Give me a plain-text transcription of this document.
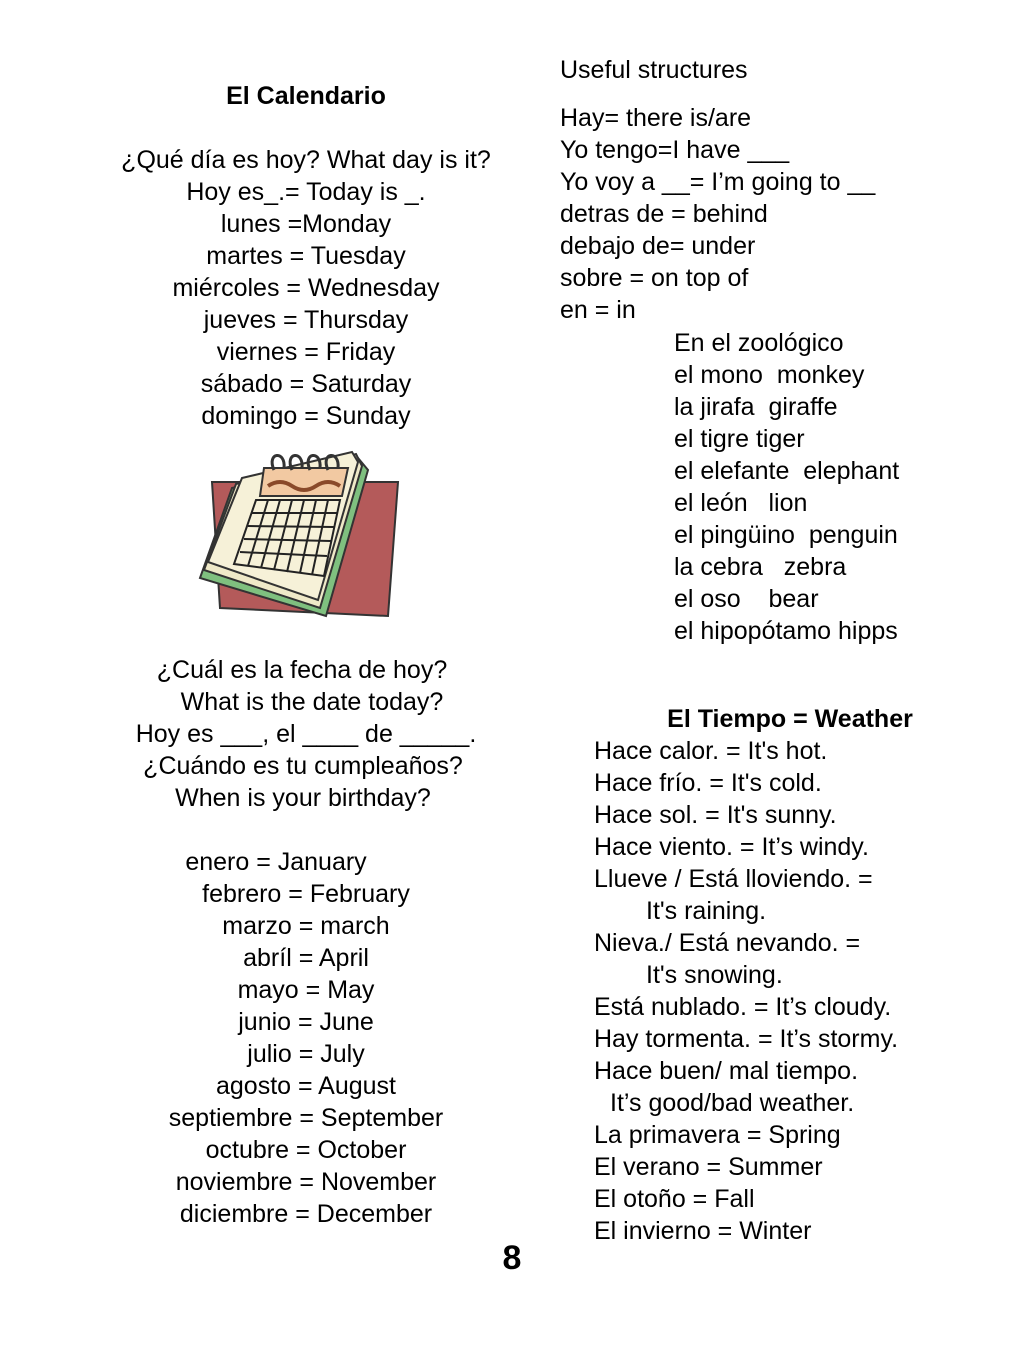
El Calendario
¿Qué día es hoy? What day is it?
Hoy es_.= Today is _.
lunes =Monday
martes = Tuesday
miércoles = Wednesday
jueves = Thursday
viernes = Friday
sábado = Saturday
domingo = Sunday
¿Cuál es la fecha de hoy?
What is the date today?
Hoy es ___, el ____ de _____.
¿Cuándo es tu cumpleaños?
When is your birthday?
enero = January
febrero = February
marzo = march
abríl = April
mayo = May
junio = June
julio = July
agosto = August
septiembre = September
octubre = October
noviembre = November
diciembre = December
Useful structures
Hay= there is/are
Yo tengo=I have ___
Yo voy a __= I’m going to __
detras de = behind
debajo de= under
sobre = on top of
en = in
En el zoológico
el mono  monkey
la jirafa  giraffe
el tigre tiger
el elefante  elephant
el león   lion
el pingüino  penguin
la cebra   zebra
el oso    bear
el hipopótamo hipps
El Tiempo = Weather
Hace calor. = It's hot.
Hace frío. = It's cold.
Hace sol. = It's sunny.
Hace viento. = It’s windy.
Llueve / Está lloviendo. =
It's raining.
Nieva./ Está nevando. =
It's snowing.
Está nublado. = It’s cloudy.
Hay tormenta. = It’s stormy.
Hace buen/ mal tiempo.
It’s good/bad weather.
La primavera = Spring
El verano = Summer
El otoño = Fall
El invierno = Winter
8
